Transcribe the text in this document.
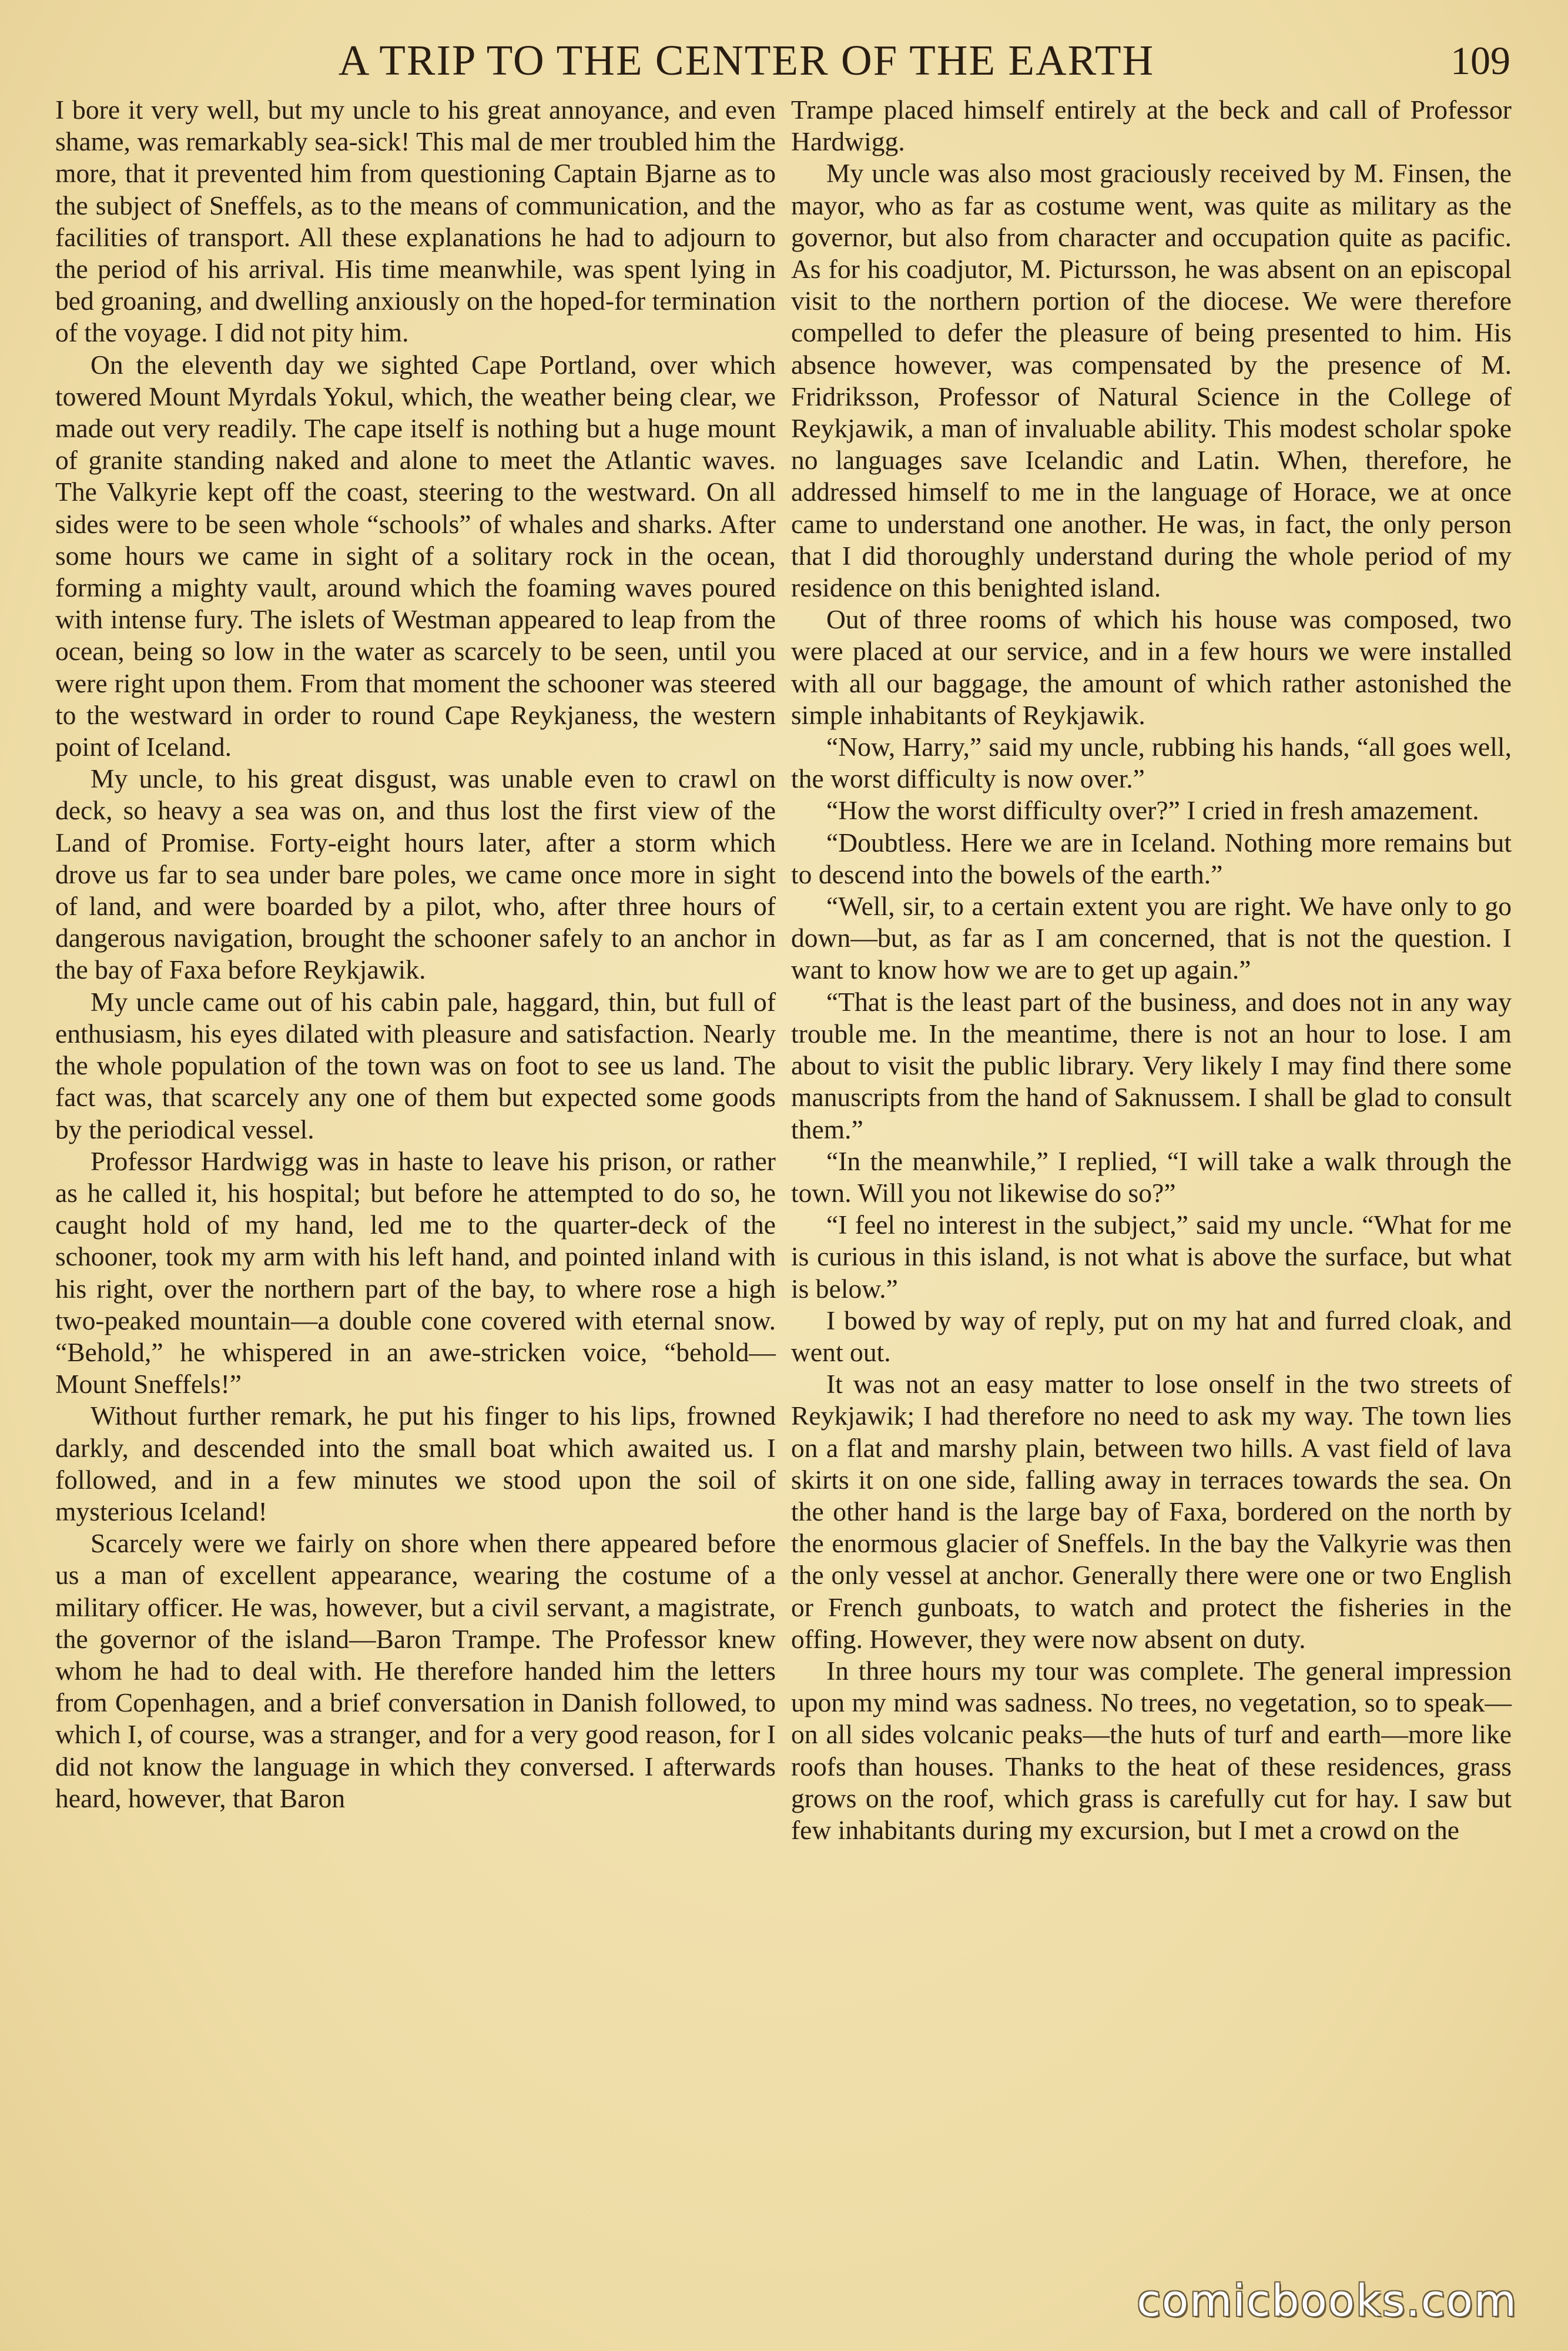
A TRIP TO THE CENTER OF THE EARTH	109

I bore it very well, but my uncle to his great annoyance, and even shame, was remarkably sea-sick! This mal de mer troubled him the more, that it prevented him from questioning Captain Bjarne as to the subject of Sneffels, as to the means of communication, and the facilities of transport. All these explanations he had to adjourn to the period of his arrival. His time meanwhile, was spent lying in bed groaning, and dwelling anxiously on the hoped-for termination of the voyage. I did not pity him.

On the eleventh day we sighted Cape Portland, over which towered Mount Myrdals Yokul, which, the weather being clear, we made out very readily. The cape itself is nothing but a huge mount of granite standing naked and alone to meet the Atlantic waves. The Valkyrie kept off the coast, steering to the westward. On all sides were to be seen whole “schools” of whales and sharks. After some hours we came in sight of a solitary rock in the ocean, forming a mighty vault, around which the foaming waves poured with intense fury. The islets of Westman appeared to leap from the ocean, being so low in the water as scarcely to be seen, until you were right upon them. From that moment the schooner was steered to the westward in order to round Cape Reykjaness, the western point of Iceland.

My uncle, to his great disgust, was unable even to crawl on deck, so heavy a sea was on, and thus lost the first view of the Land of Promise. Forty-eight hours later, after a storm which drove us far to sea under bare poles, we came once more in sight of land, and were boarded by a pilot, who, after three hours of dangerous navigation, brought the schooner safely to an anchor in the bay of Faxa before Reykjawik.

My uncle came out of his cabin pale, haggard, thin, but full of enthusiasm, his eyes dilated with pleasure and satisfaction. Nearly the whole population of the town was on foot to see us land. The fact was, that scarcely any one of them but expected some goods by the periodical vessel.

Professor Hardwigg was in haste to leave his prison, or rather as he called it, his hospital; but before he attempted to do so, he caught hold of my hand, led me to the quarter-deck of the schooner, took my arm with his left hand, and pointed inland with his right, over the northern part of the bay, to where rose a high two-peaked mountain—a double cone covered with eternal snow. “Behold,” he whispered in an awe-stricken voice, “behold—Mount Sneffels!”

Without further remark, he put his finger to his lips, frowned darkly, and descended into the small boat which awaited us. I followed, and in a few minutes we stood upon the soil of mysterious Iceland!

Scarcely were we fairly on shore when there appeared before us a man of excellent appearance, wearing the costume of a military officer. He was, however, but a civil servant, a magistrate, the governor of the island—Baron Trampe. The Professor knew whom he had to deal with. He therefore handed him the letters from Copenhagen, and a brief conversation in Danish followed, to which I, of course, was a stranger, and for a very good reason, for I did not know the language in which they conversed. I afterwards heard, however, that Baron

Trampe placed himself entirely at the beck and call of Professor Hardwigg.

My uncle was also most graciously received by M. Finsen, the mayor, who as far as costume went, was quite as military as the governor, but also from character and occupation quite as pacific. As for his coadjutor, M. Pictursson, he was absent on an episcopal visit to the northern portion of the diocese. We were therefore compelled to defer the pleasure of being presented to him. His absence however, was compensated by the presence of M. Fridriksson, Professor of Natural Science in the College of Reykjawik, a man of invaluable ability. This modest scholar spoke no languages save Icelandic and Latin. When, therefore, he addressed himself to me in the language of Horace, we at once came to understand one another. He was, in fact, the only person that I did thoroughly understand during the whole period of my residence on this benighted island.

Out of three rooms of which his house was composed, two were placed at our service, and in a few hours we were installed with all our baggage, the amount of which rather astonished the simple inhabitants of Reykjawik.

“Now, Harry,” said my uncle, rubbing his hands, “all goes well, the worst difficulty is now over.”

“How the worst difficulty over?” I cried in fresh amazement.

“Doubtless. Here we are in Iceland. Nothing more remains but to descend into the bowels of the earth.”

“Well, sir, to a certain extent you are right. We have only to go down—but, as far as I am concerned, that is not the question. I want to know how we are to get up again.”

“That is the least part of the business, and does not in any way trouble me. In the meantime, there is not an hour to lose. I am about to visit the public library. Very likely I may find there some manuscripts from the hand of Saknussem. I shall be glad to consult them.”

“In the meanwhile,” I replied, “I will take a walk through the town. Will you not likewise do so?”

“I feel no interest in the subject,” said my uncle. “What for me is curious in this island, is not what is above the surface, but what is below.”

I bowed by way of reply, put on my hat and furred cloak, and went out.

It was not an easy matter to lose onself in the two streets of Reykjawik; I had therefore no need to ask my way. The town lies on a flat and marshy plain, between two hills. A vast field of lava skirts it on one side, falling away in terraces towards the sea. On the other hand is the large bay of Faxa, bordered on the north by the enormous glacier of Sneffels. In the bay the Valkyrie was then the only vessel at anchor. Generally there were one or two English or French gunboats, to watch and protect the fisheries in the offing. However, they were now absent on duty.

In three hours my tour was complete. The general impression upon my mind was sadness. No trees, no vegetation, so to speak—on all sides volcanic peaks—the huts of turf and earth—more like roofs than houses. Thanks to the heat of these residences, grass grows on the roof, which grass is carefully cut for hay. I saw but few inhabitants during my excursion, but I met a crowd on the

comicbooks.com
